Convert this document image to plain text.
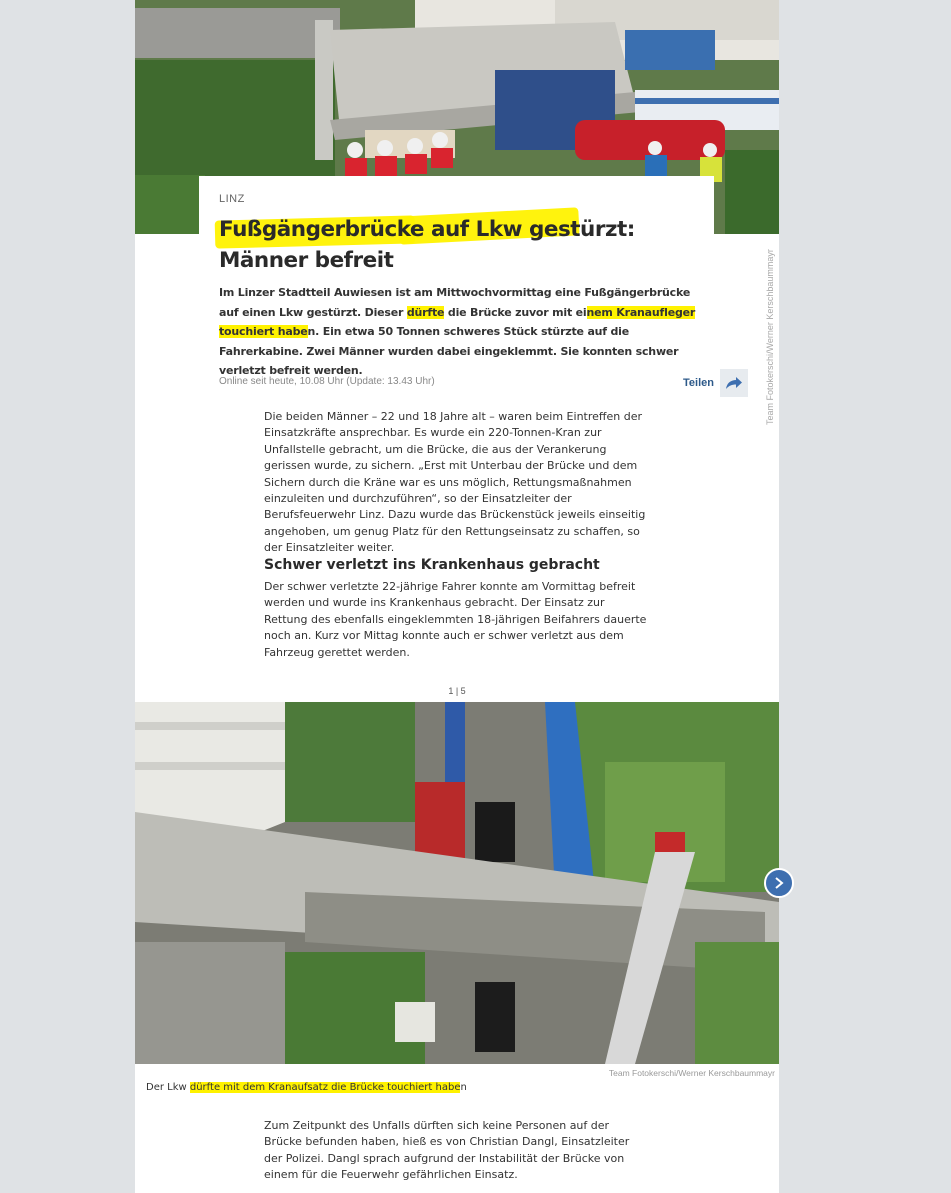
Team Fotokerschi/Werner Kerschbaummayr
LINZ
Fußgängerbrücke auf Lkw gestürzt: Männer befreit
Im Linzer Stadtteil Auwiesen ist am Mittwochvormittag eine Fußgängerbrücke auf einen Lkw gestürzt. Dieser dürfte die Brücke zuvor mit einem Kranaufleger touchiert haben. Ein etwa 50 Tonnen schweres Stück stürzte auf die Fahrerkabine. Zwei Männer wurden dabei eingeklemmt. Sie konnten schwer verletzt befreit werden.
Online seit heute, 10.08 Uhr (Update: 13.43 Uhr)	Teilen
Die beiden Männer – 22 und 18 Jahre alt – waren beim Eintreffen der Einsatzkräfte ansprechbar. Es wurde ein 220-Tonnen-Kran zur Unfallstelle gebracht, um die Brücke, die aus der Verankerung gerissen wurde, zu sichern. „Erst mit Unterbau der Brücke und dem Sichern durch die Kräne war es uns möglich, Rettungsmaßnahmen einzuleiten und durchzuführen“, so der Einsatzleiter der Berufsfeuerwehr Linz. Dazu wurde das Brückenstück jeweils einseitig angehoben, um genug Platz für den Rettungseinsatz zu schaffen, so der Einsatzleiter weiter.
Schwer verletzt ins Krankenhaus gebracht
Der schwer verletzte 22-jährige Fahrer konnte am Vormittag befreit werden und wurde ins Krankenhaus gebracht. Der Einsatz zur Rettung des ebenfalls eingeklemmten 18-jährigen Beifahrers dauerte noch an. Kurz vor Mittag konnte auch er schwer verletzt aus dem Fahrzeug gerettet werden.
1 | 5
Team Fotokerschi/Werner Kerschbaummayr
Der Lkw dürfte mit dem Kranaufsatz die Brücke touchiert haben
Zum Zeitpunkt des Unfalls dürften sich keine Personen auf der Brücke befunden haben, hieß es von Christian Dangl, Einsatzleiter der Polizei. Dangl sprach aufgrund der Instabilität der Brücke von einem für die Feuerwehr gefährlichen Einsatz.
